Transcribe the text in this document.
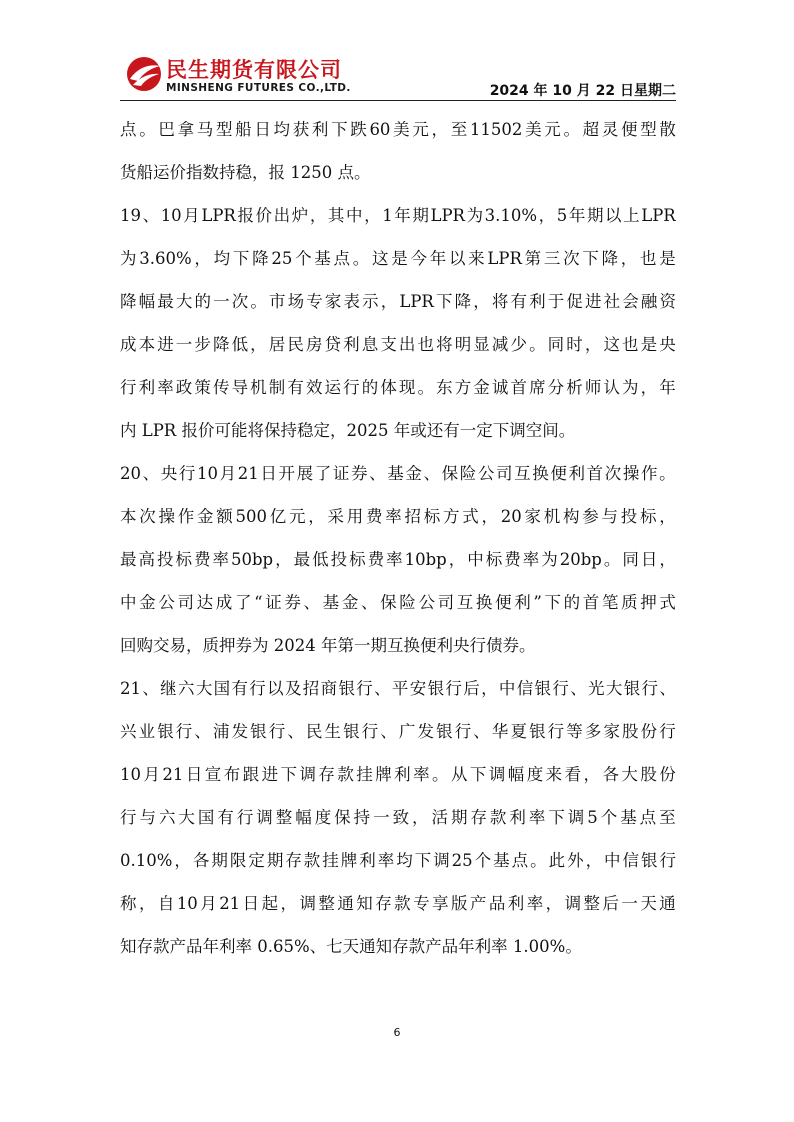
民生期货有限公司
MINSHENG FUTURES CO.,LTD.	2024 年 10 月 22 日星期二
点 。 巴 拿 马 型 船 日 均 获 利 下 跌 60 美 元 ， 至 11502 美 元 。 超 灵 便 型 散
货船运价指数持稳，报 1250 点。
19 、 10 月 LPR 报 价 出 炉 ， 其 中 ， 1 年 期 LPR 为 3.10% ， 5 年 期 以 上 LPR
为 3.60% ， 均 下 降 25 个 基 点 。 这 是 今 年 以 来 LPR 第 三 次 下 降 ， 也 是
降 幅 最 大 的 一 次 。 市 场 专 家 表 示 ， LPR 下 降 ， 将 有 利 于 促 进 社 会 融 资
成 本 进 一 步 降 低 ， 居 民 房 贷 利 息 支 出 也 将 明 显 减 少 。 同 时 ， 这 也 是 央
行 利 率 政 策 传 导 机 制 有 效 运 行 的 体 现 。 东 方 金 诚 首 席 分 析 师 认 为 ， 年
内 LPR 报价可能将保持稳定，2025 年或还有一定下调空间。
20 、 央 行 10 月 21 日 开 展 了 证 券 、 基 金 、 保 险 公 司 互 换 便 利 首 次 操 作 。
本 次 操 作 金 额 500 亿 元 ， 采 用 费 率 招 标 方 式 ， 20 家 机 构 参 与 投 标 ，
最 高 投 标 费 率 50bp ， 最 低 投 标 费 率 10bp ， 中 标 费 率 为 20bp 。 同 日 ，
中 金 公 司 达 成 了 “ 证 券 、 基 金 、 保 险 公 司 互 换 便 利 ” 下 的 首 笔 质 押 式
回购交易，质押券为 2024 年第一期互换便利央行债券。
21 、 继 六 大 国 有 行 以 及 招 商 银 行 、 平 安 银 行 后 ， 中 信 银 行 、 光 大 银 行 、
兴 业 银 行 、 浦 发 银 行 、 民 生 银 行 、 广 发 银 行 、 华 夏 银 行 等 多 家 股 份 行
10 月 21 日 宣 布 跟 进 下 调 存 款 挂 牌 利 率 。 从 下 调 幅 度 来 看 ， 各 大 股 份
行 与 六 大 国 有 行 调 整 幅 度 保 持 一 致 ， 活 期 存 款 利 率 下 调 5 个 基 点 至
0.10% ， 各 期 限 定 期 存 款 挂 牌 利 率 均 下 调 25 个 基 点 。 此 外 ， 中 信 银 行
称 ， 自 10 月 21 日 起 ， 调 整 通 知 存 款 专 享 版 产 品 利 率 ， 调 整 后 一 天 通
知存款产品年利率 0.65%、七天通知存款产品年利率 1.00%。
6
